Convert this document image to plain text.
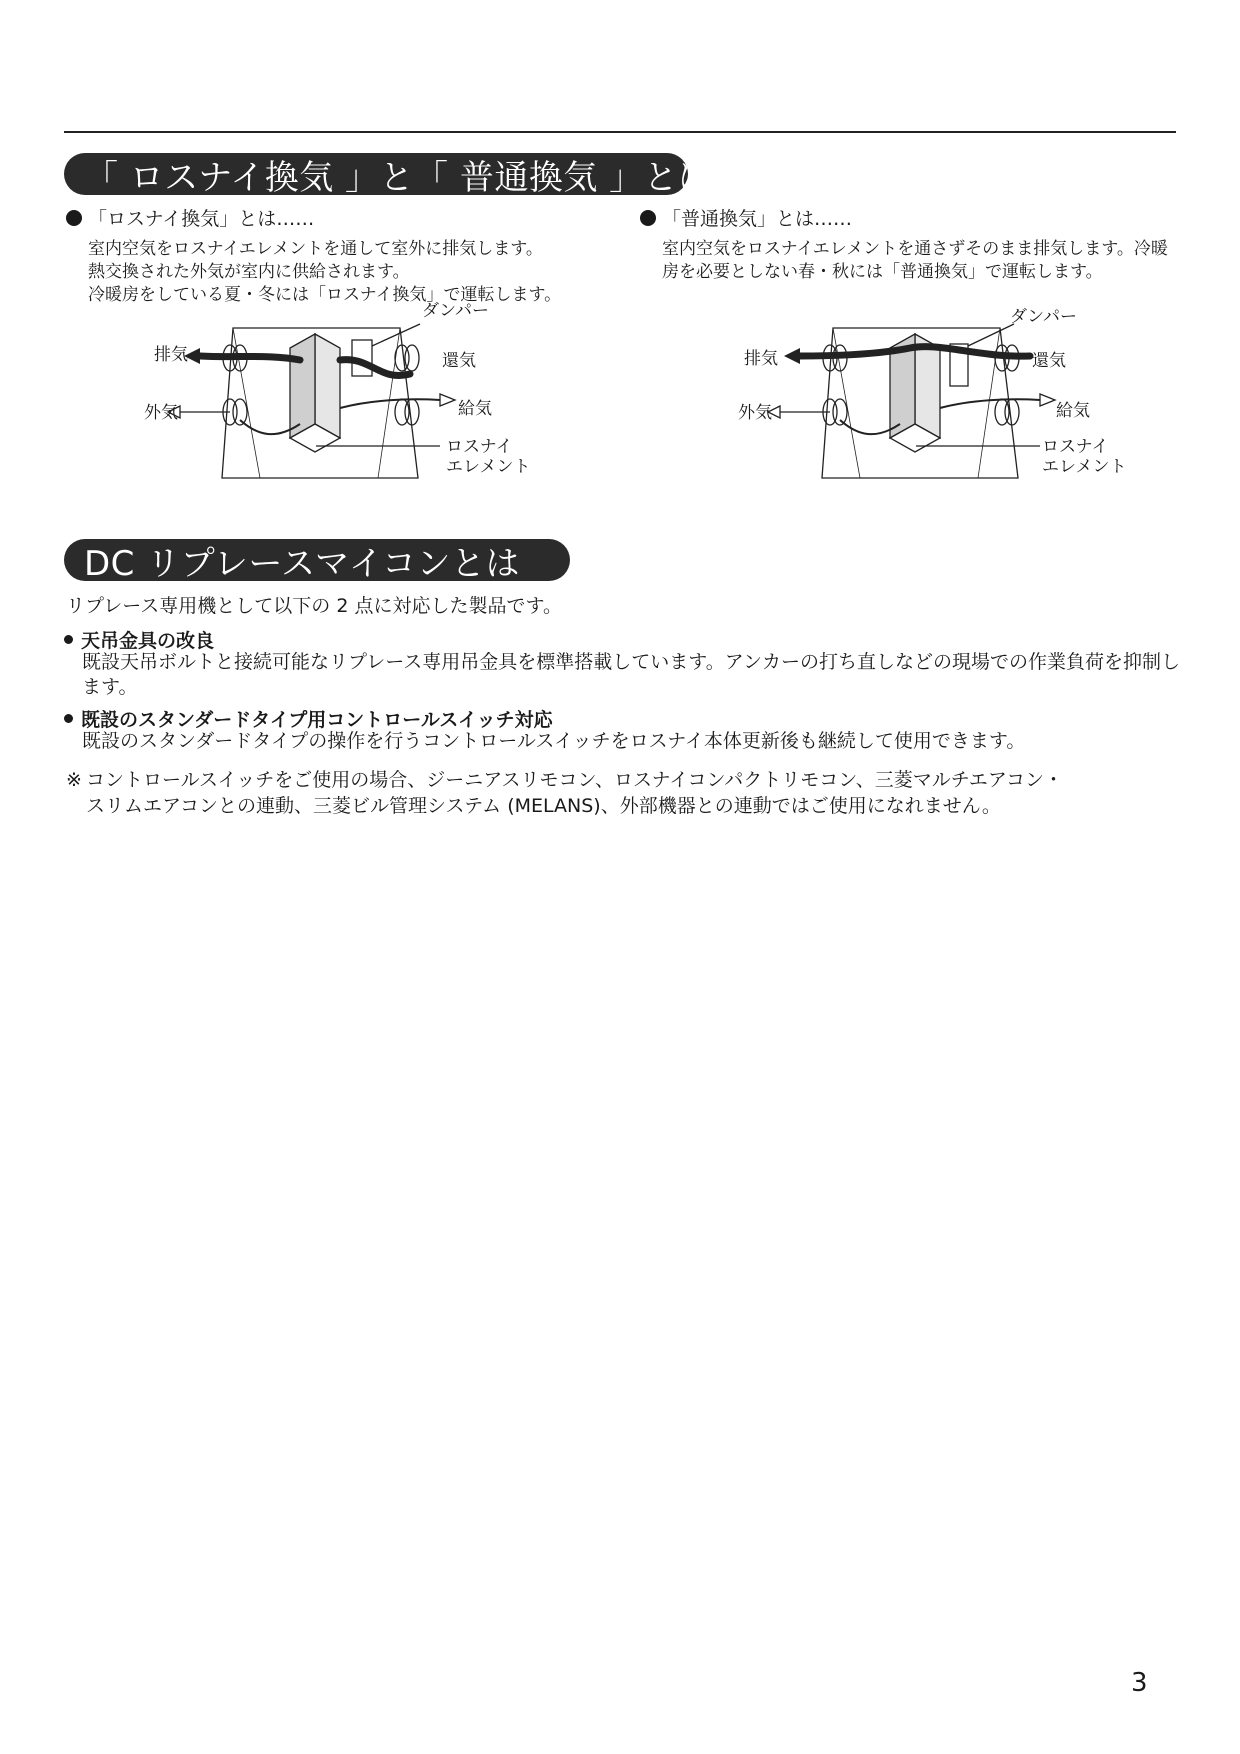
「 ロスナイ換気 」と「 普通換気 」とは
「ロスナイ換気」とは……

室内空気をロスナイエレメントを通して室外に排気します。

熱交換された外気が室内に供給されます。

冷暖房をしている夏・冬には「ロスナイ換気」で運転します。

「普通換気」とは……

室内空気をロスナイエレメントを通さずそのまま排気します。冷暖房を必要としない春・秋には「普通換気」で運転します。

ダンパー
排気	還気
外気	給気
ロスナイ
エレメント
ダンパー
排気	還気
外気	給気
ロスナイ
エレメント
DC リプレースマイコンとは
リプレース専用機として以下の 2 点に対応した製品です。
天吊金具の改良

既設天吊ボルトと接続可能なリプレース専用吊金具を標準搭載しています。アンカーの打ち直しなどの現場での作業負荷を抑制します。

既設のスタンダードタイプ用コントロールスイッチ対応

既設のスタンダードタイプの操作を行うコントロールスイッチをロスナイ本体更新後も継続して使用できます。

※ コントロールスイッチをご使用の場合、ジーニアスリモコン、ロスナイコンパクトリモコン、三菱マルチエアコン・
スリムエアコンとの連動、三菱ビル管理システム (MELANS)、外部機器との連動ではご使用になれません。
3
